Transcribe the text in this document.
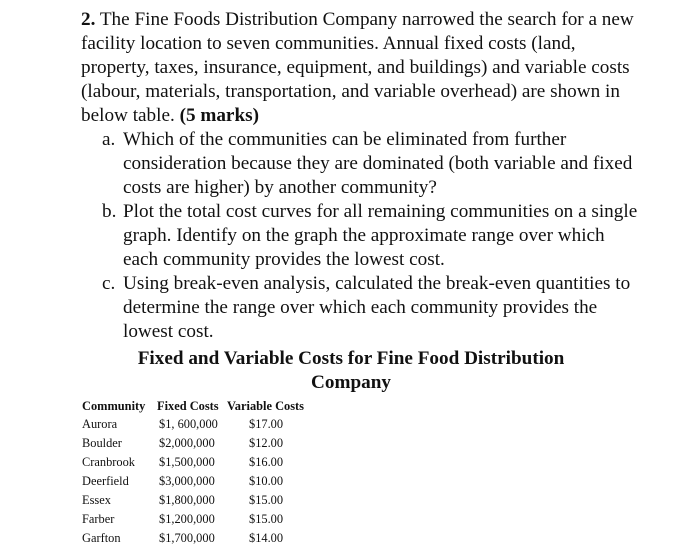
2. The Fine Foods Distribution Company narrowed the search for a new facility location to seven communities. Annual fixed costs (land, property, taxes, insurance, equipment, and buildings) and variable costs (labour, materials, transportation, and variable overhead) are shown in below table. (5 marks)

a. Which of the communities can be eliminated from further consideration because they are dominated (both variable and fixed costs are higher) by another community?
b. Plot the total cost curves for all remaining communities on a single graph. Identify on the graph the approximate range over which each community provides the lowest cost.
c. Using break-even analysis, calculated the break-even quantities to determine the range over which each community provides the lowest cost.
Fixed and Variable Costs for Fine Food Distribution
Company
Community	Fixed Costs	Variable Costs
Aurora	$1, 600,000	$17.00
Boulder	$2,000,000	$12.00
Cranbrook	$1,500,000	$16.00
Deerfield	$3,000,000	$10.00
Essex	$1,800,000	$15.00
Farber	$1,200,000	$15.00
Garfton	$1,700,000	$14.00
